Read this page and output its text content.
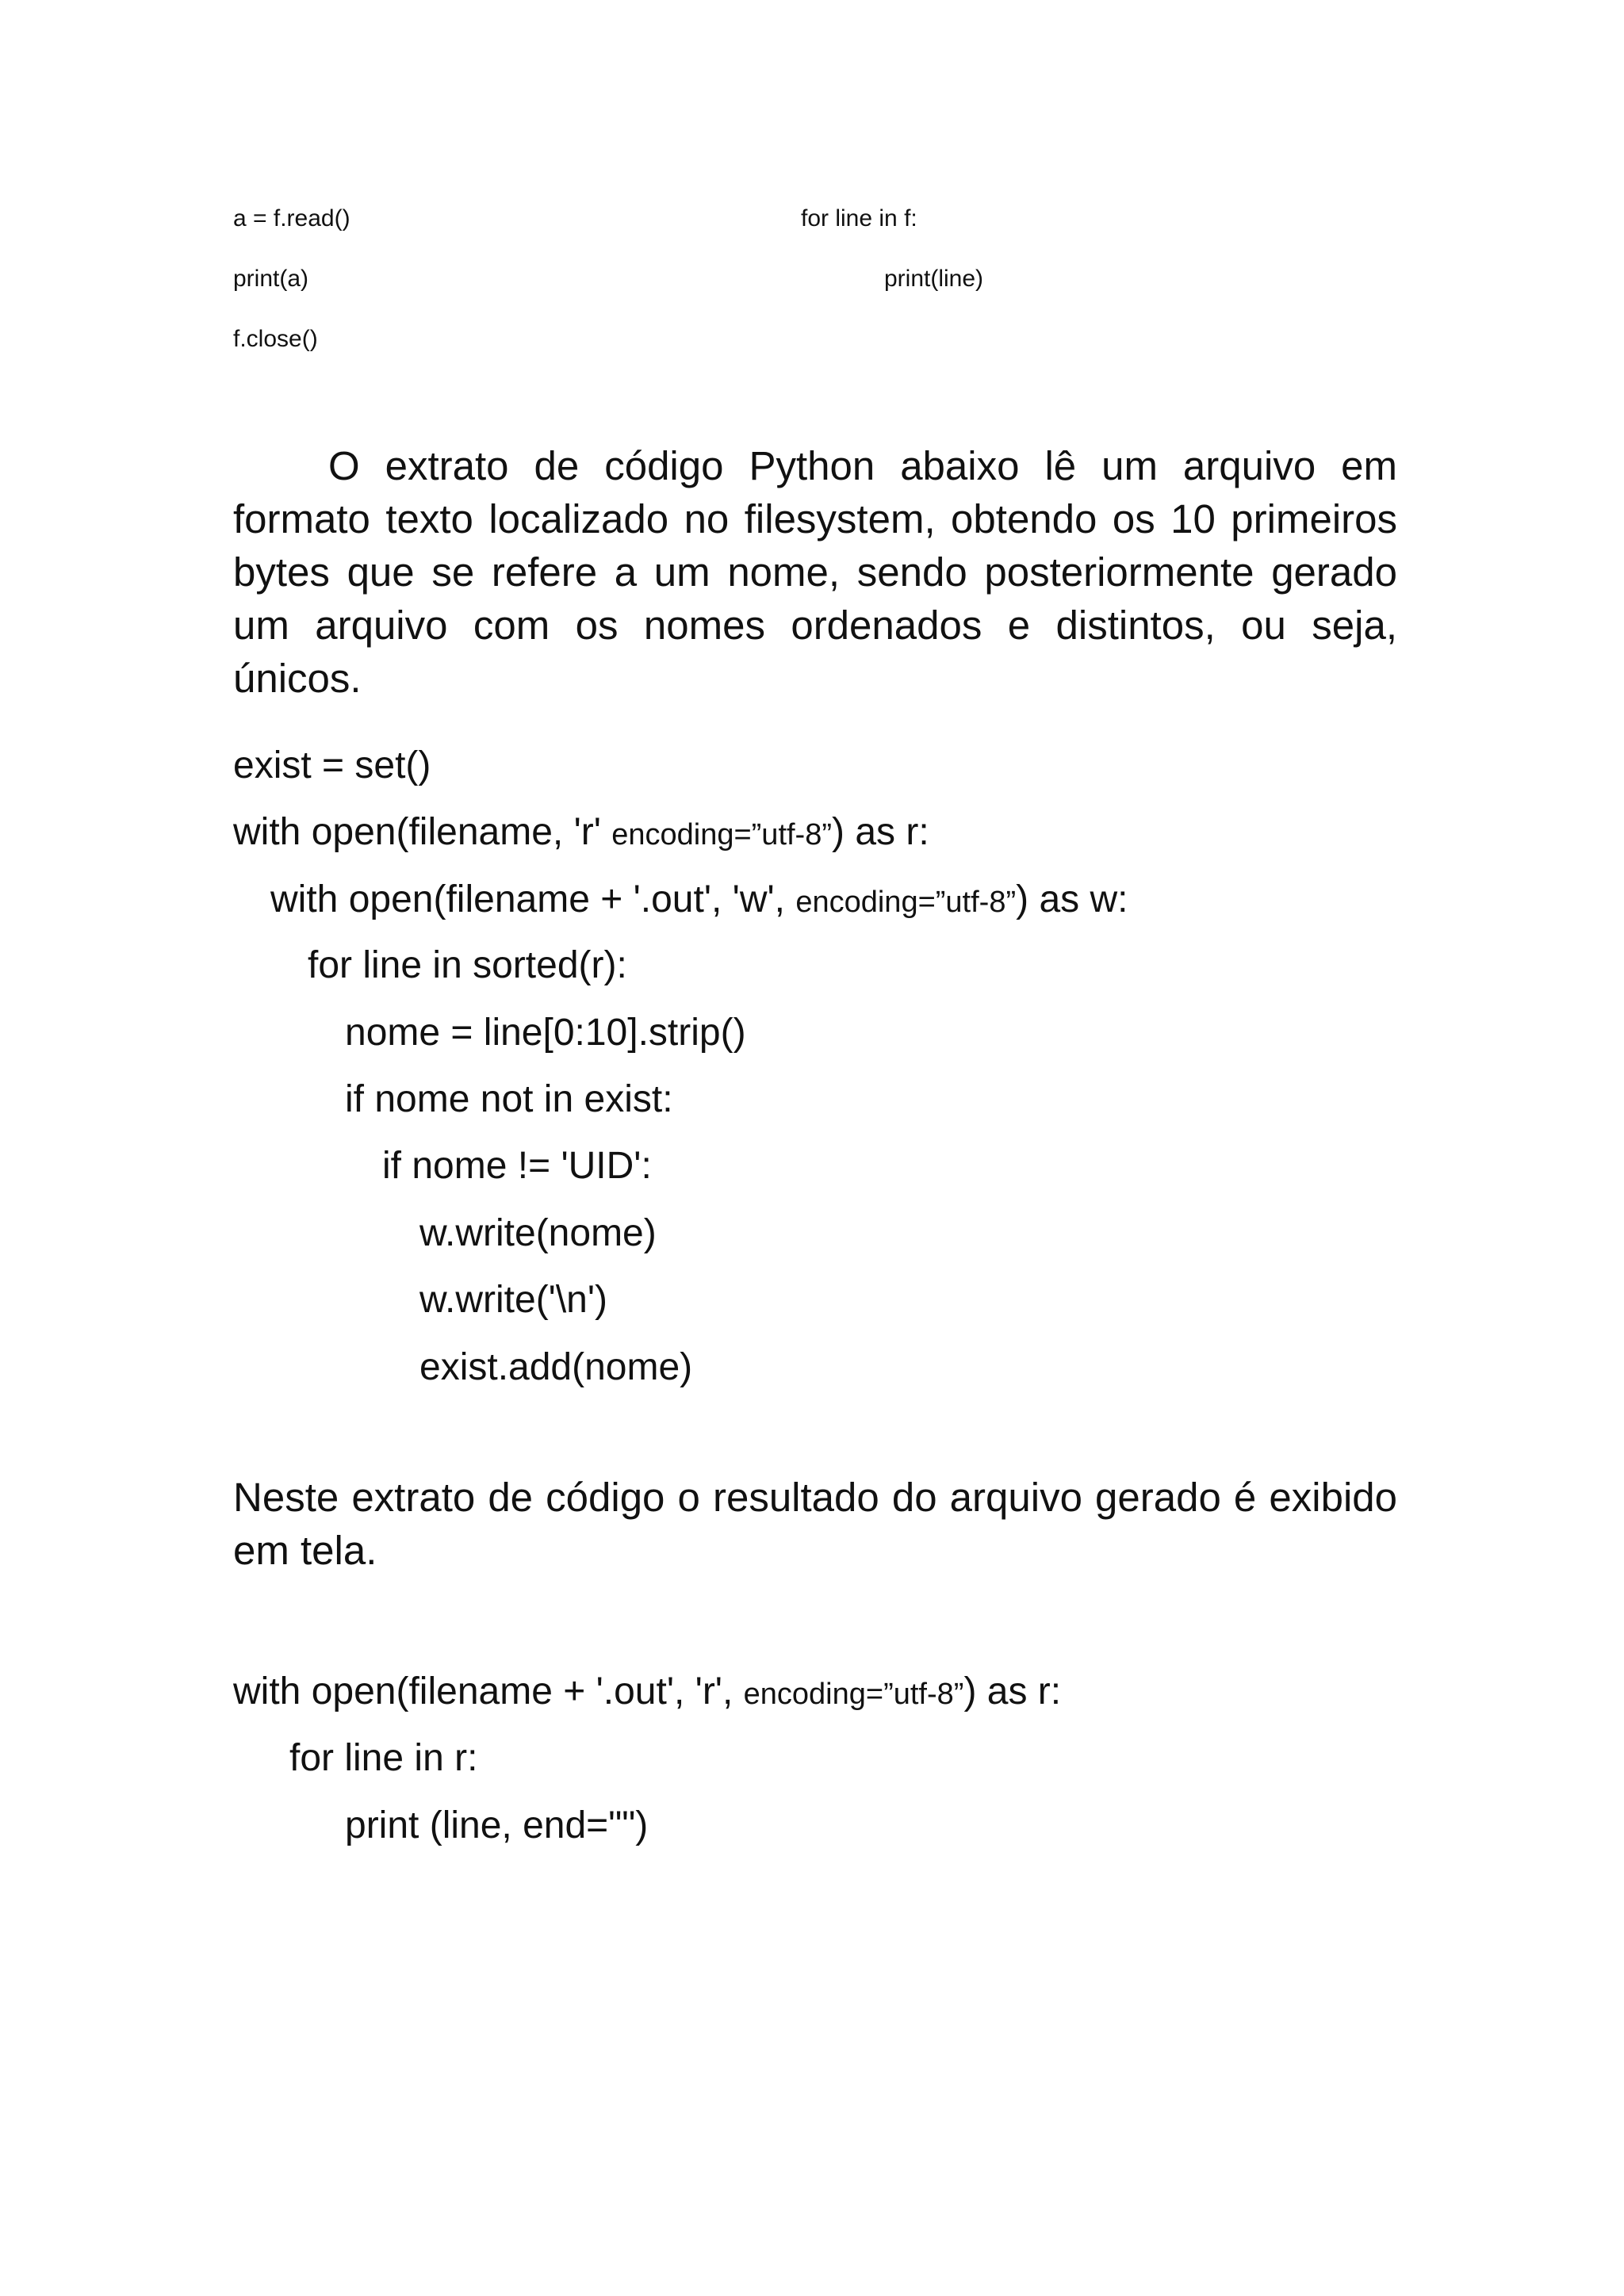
a = f.read()
print(a)
f.close()
for line in f:
print(line)

O extrato de código Python abaixo lê um arquivo em formato texto localizado no filesystem, obtendo os 10 primeiros bytes que se refere a um nome, sendo posteriormente gerado um arquivo com os nomes ordenados e distintos, ou seja, únicos.

exist = set()
with open(filename, 'r' encoding=”utf-8”) as r:
with open(filename + '.out', 'w', encoding=”utf-8”) as w:
for line in sorted(r):
nome = line[0:10].strip()
if nome not in exist:
if nome != 'UID':
w.write(nome)
w.write('\n')
exist.add(nome)

Neste extrato de código o resultado do arquivo gerado é exibido em tela.

with open(filename + '.out', 'r', encoding=”utf-8”) as r:
for line in r:
print (line, end="")
